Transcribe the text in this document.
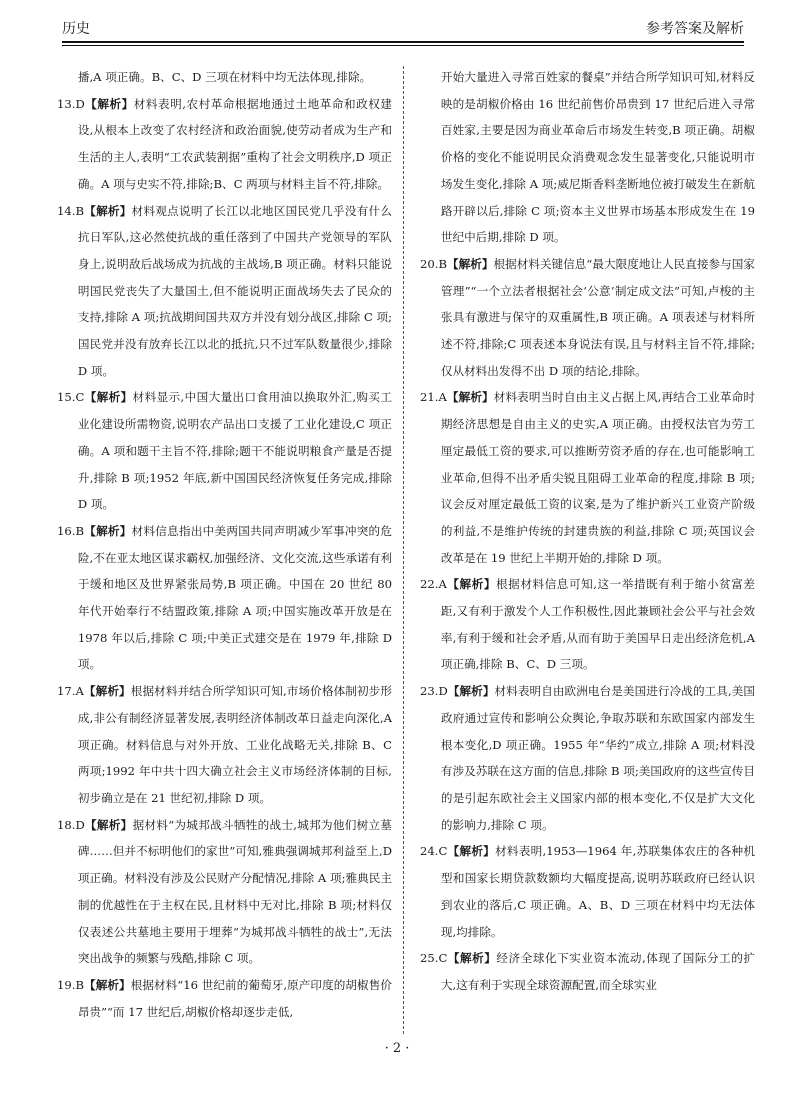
历史	参考答案及解析

播,A 项正确。B、C、D 三项在材料中均无法体现,排除。

13.D【解析】材料表明,农村革命根据地通过土地革命和政权建设,从根本上改变了农村经济和政治面貌,使劳动者成为生产和生活的主人,表明“工农武装割据”重构了社会文明秩序,D 项正确。A 项与史实不符,排除;B、C 两项与材料主旨不符,排除。

14.B【解析】材料观点说明了长江以北地区国民党几乎没有什么抗日军队,这必然使抗战的重任落到了中国共产党领导的军队身上,说明敌后战场成为抗战的主战场,B 项正确。材料只能说明国民党丧失了大量国土,但不能说明正面战场失去了民众的支持,排除 A 项;抗战期间国共双方并没有划分战区,排除 C 项;国民党并没有放弃长江以北的抵抗,只不过军队数量很少,排除 D 项。

15.C【解析】材料显示,中国大量出口食用油以换取外汇,购买工业化建设所需物资,说明农产品出口支援了工业化建设,C 项正确。A 项和题干主旨不符,排除;题干不能说明粮食产量是否提升,排除 B 项;1952 年底,新中国国民经济恢复任务完成,排除 D 项。

16.B【解析】材料信息指出中美两国共同声明减少军事冲突的危险,不在亚太地区谋求霸权,加强经济、文化交流,这些承诺有利于缓和地区及世界紧张局势,B 项正确。中国在 20 世纪 80 年代开始奉行不结盟政策,排除 A 项;中国实施改革开放是在 1978 年以后,排除 C 项;中美正式建交是在 1979 年,排除 D 项。

17.A【解析】根据材料并结合所学知识可知,市场价格体制初步形成,非公有制经济显著发展,表明经济体制改革日益走向深化,A 项正确。材料信息与对外开放、工业化战略无关,排除 B、C 两项;1992 年中共十四大确立社会主义市场经济体制的目标,初步确立是在 21 世纪初,排除 D 项。

18.D【解析】据材料“为城邦战斗牺牲的战士,城邦为他们树立墓碑……但并不标明他们的家世”可知,雅典强调城邦利益至上,D 项正确。材料没有涉及公民财产分配情况,排除 A 项;雅典民主制的优越性在于主权在民,且材料中无对比,排除 B 项;材料仅仅表述公共墓地主要用于埋葬“为城邦战斗牺牲的战士”,无法突出战争的频繁与残酷,排除 C 项。

19.B【解析】根据材料“16 世纪前的葡萄牙,原产印度的胡椒售价昂贵”“而 17 世纪后,胡椒价格却逐步走低,

开始大量进入寻常百姓家的餐桌”并结合所学知识可知,材料反映的是胡椒价格由 16 世纪前售价昂贵到 17 世纪后进入寻常百姓家,主要是因为商业革命后市场发生转变,B 项正确。胡椒价格的变化不能说明民众消费观念发生显著变化,只能说明市场发生变化,排除 A 项;威尼斯香料垄断地位被打破发生在新航路开辟以后,排除 C 项;资本主义世界市场基本形成发生在 19 世纪中后期,排除 D 项。

20.B【解析】根据材料关键信息“最大限度地让人民直接参与国家管理”“一个立法者根据社会‘公意’制定成文法”可知,卢梭的主张具有激进与保守的双重属性,B 项正确。A 项表述与材料所述不符,排除;C 项表述本身说法有误,且与材料主旨不符,排除;仅从材料出发得不出 D 项的结论,排除。

21.A【解析】材料表明当时自由主义占据上风,再结合工业革命时期经济思想是自由主义的史实,A 项正确。由授权法官为劳工厘定最低工资的要求,可以推断劳资矛盾的存在,也可能影响工业革命,但得不出矛盾尖锐且阻碍工业革命的程度,排除 B 项;议会反对厘定最低工资的议案,是为了维护新兴工业资产阶级的利益,不是维护传统的封建贵族的利益,排除 C 项;英国议会改革是在 19 世纪上半期开始的,排除 D 项。

22.A【解析】根据材料信息可知,这一举措既有利于缩小贫富差距,又有利于激发个人工作积极性,因此兼顾社会公平与社会效率,有利于缓和社会矛盾,从而有助于美国早日走出经济危机,A 项正确,排除 B、C、D 三项。

23.D【解析】材料表明自由欧洲电台是美国进行冷战的工具,美国政府通过宣传和影响公众舆论,争取苏联和东欧国家内部发生根本变化,D 项正确。1955 年“华约”成立,排除 A 项;材料没有涉及苏联在这方面的信息,排除 B 项;美国政府的这些宣传目的是引起东欧社会主义国家内部的根本变化,不仅是扩大文化的影响力,排除 C 项。

24.C【解析】材料表明,1953—1964 年,苏联集体农庄的各种机型和国家长期贷款数额均大幅度提高,说明苏联政府已经认识到农业的落后,C 项正确。A、B、D 三项在材料中均无法体现,均排除。

25.C【解析】经济全球化下实业资本流动,体现了国际分工的扩大,这有利于实现全球资源配置,而全球实业

· 2 ·
